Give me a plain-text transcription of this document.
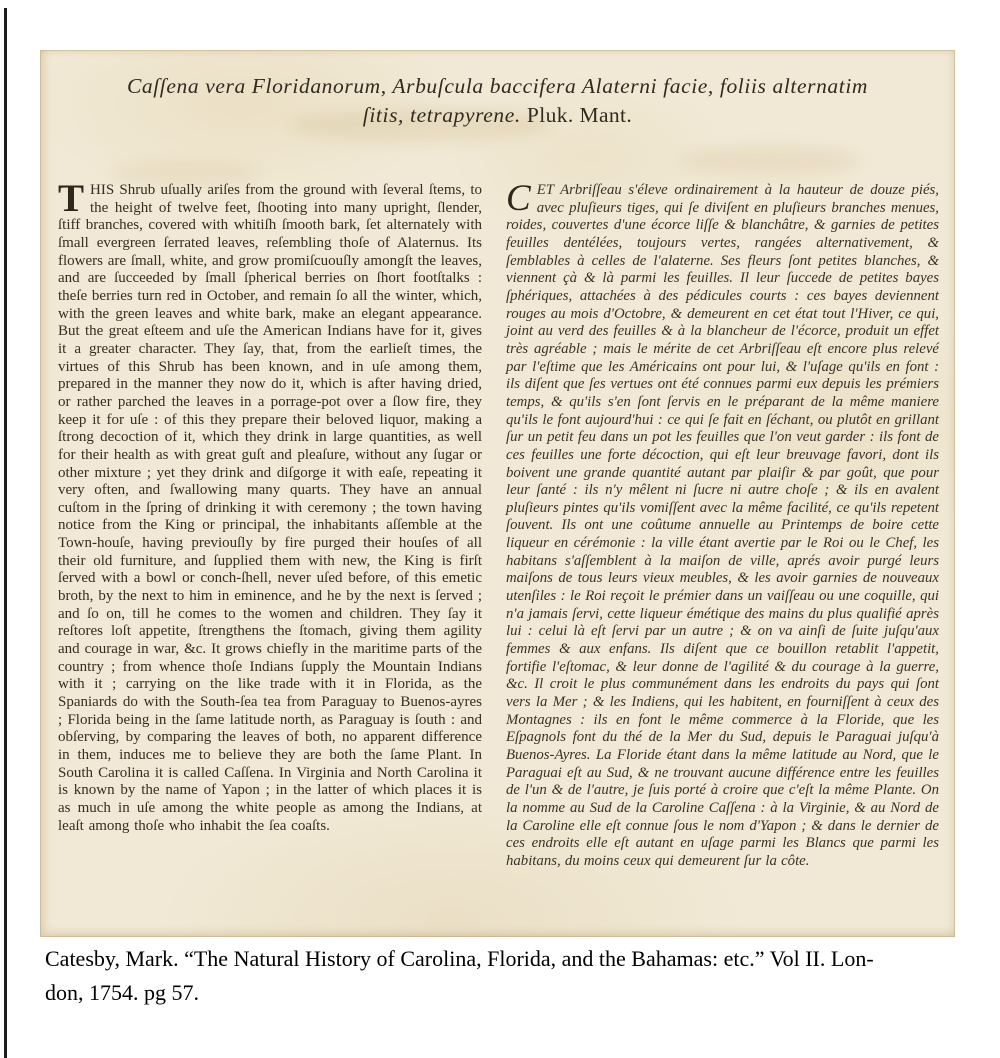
Caſſena vera Floridanorum, Arbuſcula baccifera Alaterni facie, foliis alternatim
ſitis, tetrapyrene. Pluk. Mant.
THIS Shrub uſually ariſes from the ground with ſeveral ſtems, to the height of twelve feet, ſhooting into many upright, ſlender, ſtiff branches, covered with whitiſh ſmooth bark, ſet alternately with ſmall evergreen ſerrated leaves, reſembling thoſe of Alaternus. Its flowers are ſmall, white, and grow promiſcuouſly amongſt the leaves, and are ſucceeded by ſmall ſpherical berries on ſhort footſtalks : theſe berries turn red in October, and remain ſo all the winter, which, with the green leaves and white bark, make an elegant appearance. But the great eſteem and uſe the American Indians have for it, gives it a greater character. They ſay, that, from the earlieſt times, the virtues of this Shrub has been known, and in uſe among them, prepared in the manner they now do it, which is after having dried, or rather parched the leaves in a porrage-pot over a ſlow fire, they keep it for uſe : of this they prepare their beloved liquor, making a ſtrong decoction of it, which they drink in large quantities, as well for their health as with great guſt and pleaſure, without any ſugar or other mixture ; yet they drink and diſgorge it with eaſe, repeating it very often, and ſwallowing many quarts. They have an annual cuſtom in the ſpring of drinking it with ceremony ; the town having notice from the King or principal, the inhabitants aſſemble at the Town-houſe, having previouſly by fire purged their houſes of all their old furniture, and ſupplied them with new, the King is firſt ſerved with a bowl or conch-ſhell, never uſed before, of this emetic broth, by the next to him in eminence, and he by the next is ſerved ; and ſo on, till he comes to the women and children. They ſay it reſtores loſt appetite, ſtrengthens the ſtomach, giving them agility and courage in war, &c. It grows chiefly in the maritime parts of the country ; from whence thoſe Indians ſupply the Mountain Indians with it ; carrying on the like trade with it in Florida, as the Spaniards do with the South-ſea tea from Paraguay to Buenos-ayres ; Florida being in the ſame latitude north, as Paraguay is ſouth : and obſerving, by comparing the leaves of both, no apparent difference in them, induces me to believe they are both the ſame Plant. In South Carolina it is called Caſſena. In Virginia and North Carolina it is known by the name of Yapon ; in the latter of which places it is as much in uſe among the white people as among the Indians, at leaſt among thoſe who inhabit the ſea coaſts.
CET Arbriſſeau s'éleve ordinairement à la hauteur de douze piés, avec pluſieurs tiges, qui ſe diviſent en pluſieurs branches menues, roides, couvertes d'une écorce liſſe & blanchâtre, & garnies de petites feuilles dentélées, toujours vertes, rangées alternativement, & ſemblables à celles de l'alaterne. Ses fleurs ſont petites blanches, & viennent çà & là parmi les feuilles. Il leur ſuccede de petites bayes ſphériques, attachées à des pédicules courts : ces bayes deviennent rouges au mois d'Octobre, & demeurent en cet état tout l'Hiver, ce qui, joint au verd des feuilles & à la blancheur de l'écorce, produit un effet très agréable ; mais le mérite de cet Arbriſſeau eſt encore plus relevé par l'eſtime que les Américains ont pour lui, & l'uſage qu'ils en font : ils diſent que ſes vertues ont été connues parmi eux depuis les prémiers temps, & qu'ils s'en ſont ſervis en le préparant de la même maniere qu'ils le font aujourd'hui : ce qui ſe fait en ſéchant, ou plutôt en grillant ſur un petit feu dans un pot les feuilles que l'on veut garder : ils font de ces feuilles une forte décoction, qui eſt leur breuvage favori, dont ils boivent une grande quantité autant par plaiſir & par goût, que pour leur ſanté : ils n'y mêlent ni ſucre ni autre choſe ; & ils en avalent pluſieurs pintes qu'ils vomiſſent avec la même facilité, ce qu'ils repetent ſouvent. Ils ont une coûtume annuelle au Printemps de boire cette liqueur en cérémonie : la ville étant avertie par le Roi ou le Chef, les habitans s'aſſemblent à la maiſon de ville, aprés avoir purgé leurs maiſons de tous leurs vieux meubles, & les avoir garnies de nouveaux utenſiles : le Roi reçoit le prémier dans un vaiſſeau ou une coquille, qui n'a jamais ſervi, cette liqueur émétique des mains du plus qualifié après lui : celui là eſt ſervi par un autre ; & on va ainſi de ſuite juſqu'aux femmes & aux enfans. Ils diſent que ce bouillon retablit l'appetit, fortifie l'eſtomac, & leur donne de l'agilité & du courage à la guerre, &c. Il croit le plus communément dans les endroits du pays qui ſont vers la Mer ; & les Indiens, qui les habitent, en fourniſſent à ceux des Montagnes : ils en font le même commerce à la Floride, que les Eſpagnols font du thé de la Mer du Sud, depuis le Paraguai juſqu'à Buenos-Ayres. La Floride étant dans la même latitude au Nord, que le Paraguai eſt au Sud, & ne trouvant aucune différence entre les feuilles de l'un & de l'autre, je ſuis porté à croire que c'eſt la même Plante. On la nomme au Sud de la Caroline Caſſena : à la Virginie, & au Nord de la Caroline elle eſt connue ſous le nom d'Yapon ; & dans le dernier de ces endroits elle eſt autant en uſage parmi les Blancs que parmi les habitans, du moins ceux qui demeurent ſur la côte.
Catesby, Mark. “The Natural History of Carolina, Florida, and the Bahamas: etc.” Vol II. Lon-
don, 1754. pg 57.
